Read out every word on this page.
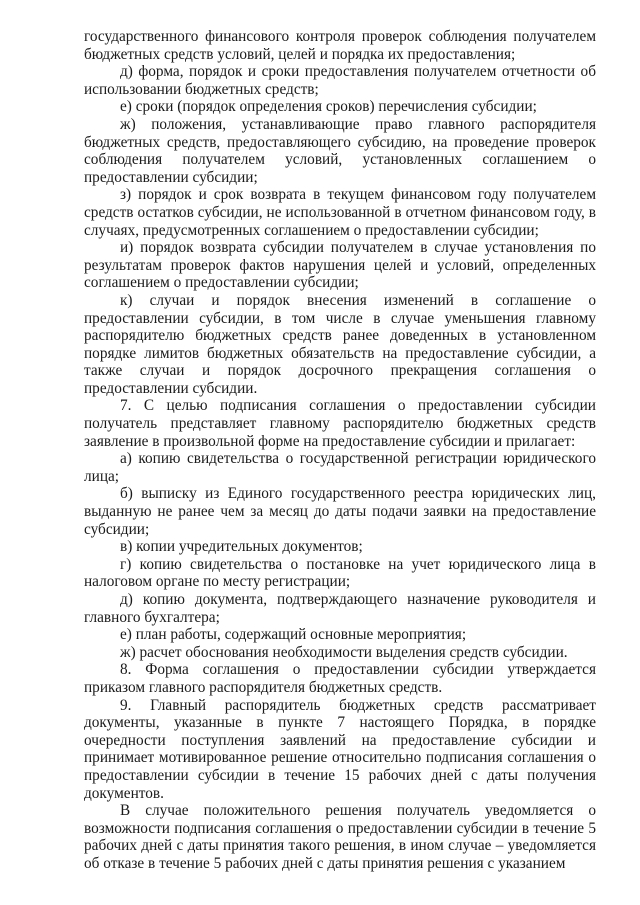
государственного финансового контроля проверок соблюдения получателем бюджетных средств условий, целей и порядка их предоставления;

д) форма, порядок и сроки предоставления получателем отчетности об использовании бюджетных средств;

е) сроки (порядок определения сроков) перечисления субсидии;

ж) положения, устанавливающие право главного распорядителя бюджетных средств, предоставляющего субсидию, на проведение проверок соблюдения получателем условий, установленных соглашением о предоставлении субсидии;

з) порядок и срок возврата в текущем финансовом году получателем средств остатков субсидии, не использованной в отчетном финансовом году, в случаях, предусмотренных соглашением о предоставлении субсидии;

и) порядок возврата субсидии получателем в случае установления по результатам проверок фактов нарушения целей и условий, определенных соглашением о предоставлении субсидии;

к) случаи и порядок внесения изменений в соглашение о предоставлении субсидии, в том числе в случае уменьшения главному распорядителю бюджетных средств ранее доведенных в установленном порядке лимитов бюджетных обязательств на предоставление субсидии, а также случаи и порядок досрочного прекращения соглашения о предоставлении субсидии.

7. С целью подписания соглашения о предоставлении субсидии получатель представляет главному распорядителю бюджетных средств заявление в произвольной форме на предоставление субсидии и прилагает:

а) копию свидетельства о государственной регистрации юридического лица;

б) выписку из Единого государственного реестра юридических лиц, выданную не ранее чем за месяц до даты подачи заявки на предоставление субсидии;

в) копии учредительных документов;

г) копию свидетельства о постановке на учет юридического лица в налоговом органе по месту регистрации;

д) копию документа, подтверждающего назначение руководителя и главного бухгалтера;

е) план работы, содержащий основные мероприятия;

ж) расчет обоснования необходимости выделения средств субсидии.

8. Форма соглашения о предоставлении субсидии утверждается приказом главного распорядителя бюджетных средств.

9. Главный распорядитель бюджетных средств рассматривает документы, указанные в пункте 7 настоящего Порядка, в порядке очередности поступления заявлений на предоставление субсидии и принимает мотивированное решение относительно подписания соглашения о предоставлении субсидии в течение 15 рабочих дней с даты получения документов.

В случае положительного решения получатель уведомляется о возможности подписания соглашения о предоставлении субсидии в течение 5 рабочих дней с даты принятия такого решения, в ином случае – уведомляется об отказе в течение 5 рабочих дней с даты принятия решения с указанием
